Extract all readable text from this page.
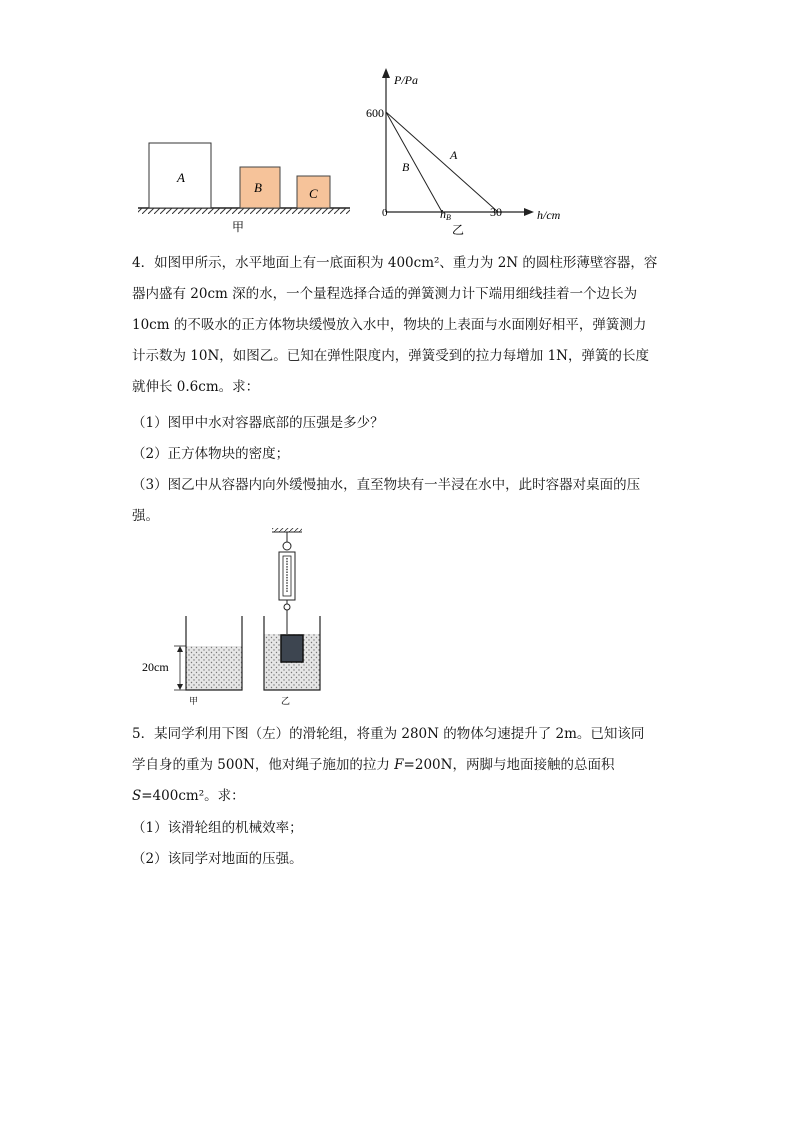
A
B	C
甲
P/Pa
600
0
A
B
hB	30	h/cm
乙
4．如图甲所示，水平地面上有一底面积为 400cm²、重力为 2N 的圆柱形薄壁容器，容
器内盛有 20cm 深的水，一个量程选择合适的弹簧测力计下端用细线挂着一个边长为
10cm 的不吸水的正方体物块缓慢放入水中，物块的上表面与水面刚好相平，弹簧测力
计示数为 10N，如图乙。已知在弹性限度内，弹簧受到的拉力每增加 1N，弹簧的长度
就伸长 0.6cm。求：
（1）图甲中水对容器底部的压强是多少？
（2）正方体物块的密度；
（3）图乙中从容器内向外缓慢抽水，直至物块有一半浸在水中，此时容器对桌面的压
强。
20cm
甲	乙
5．某同学利用下图（左）的滑轮组，将重为 280N 的物体匀速提升了 2m。已知该同
学自身的重为 500N，他对绳子施加的拉力 F=200N，两脚与地面接触的总面积
S=400cm²。求：
（1）该滑轮组的机械效率；
（2）该同学对地面的压强。
